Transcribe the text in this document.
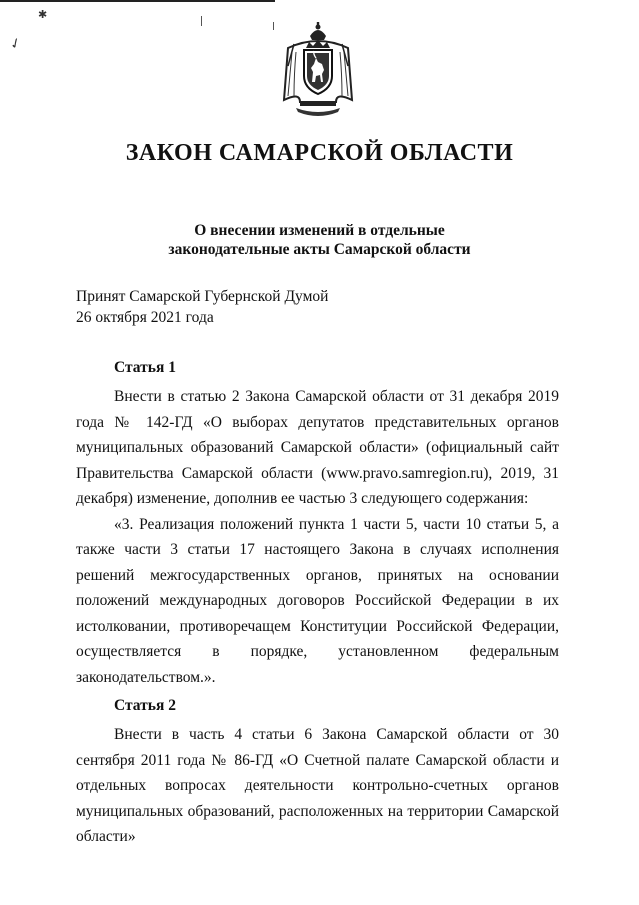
✱
✓
ЗАКОН САМАРСКОЙ ОБЛАСТИ
О внесении изменений в отдельные
законодательные акты Самарской области
Принят Самарской Губернской Думой
26 октября 2021 года

Статья 1

Внести в статью 2 Закона Самарской области от 31 декабря 2019 года № 142-ГД «О выборах депутатов представительных органов муниципальных образований Самарской области» (официальный сайт Правительства Самарской области (www.pravo.samregion.ru), 2019, 31 декабря) изменение, дополнив ее частью 3 следующего содержания:

«3. Реализация положений пункта 1 части 5, части 10 статьи 5, а также части 3 статьи 17 настоящего Закона в случаях исполнения решений межгосударственных органов, принятых на основании положений международных договоров Российской Федерации в их истолковании, противоречащем Конституции Российской Федерации, осуществляется в порядке, установленном федеральным законодательством.».

Статья 2

Внести в часть 4 статьи 6 Закона Самарской области от 30 сентября 2011 года № 86-ГД «О Счетной палате Самарской области и отдельных вопросах деятельности контрольно-счетных органов муниципальных образований, расположенных на территории Самарской области»
